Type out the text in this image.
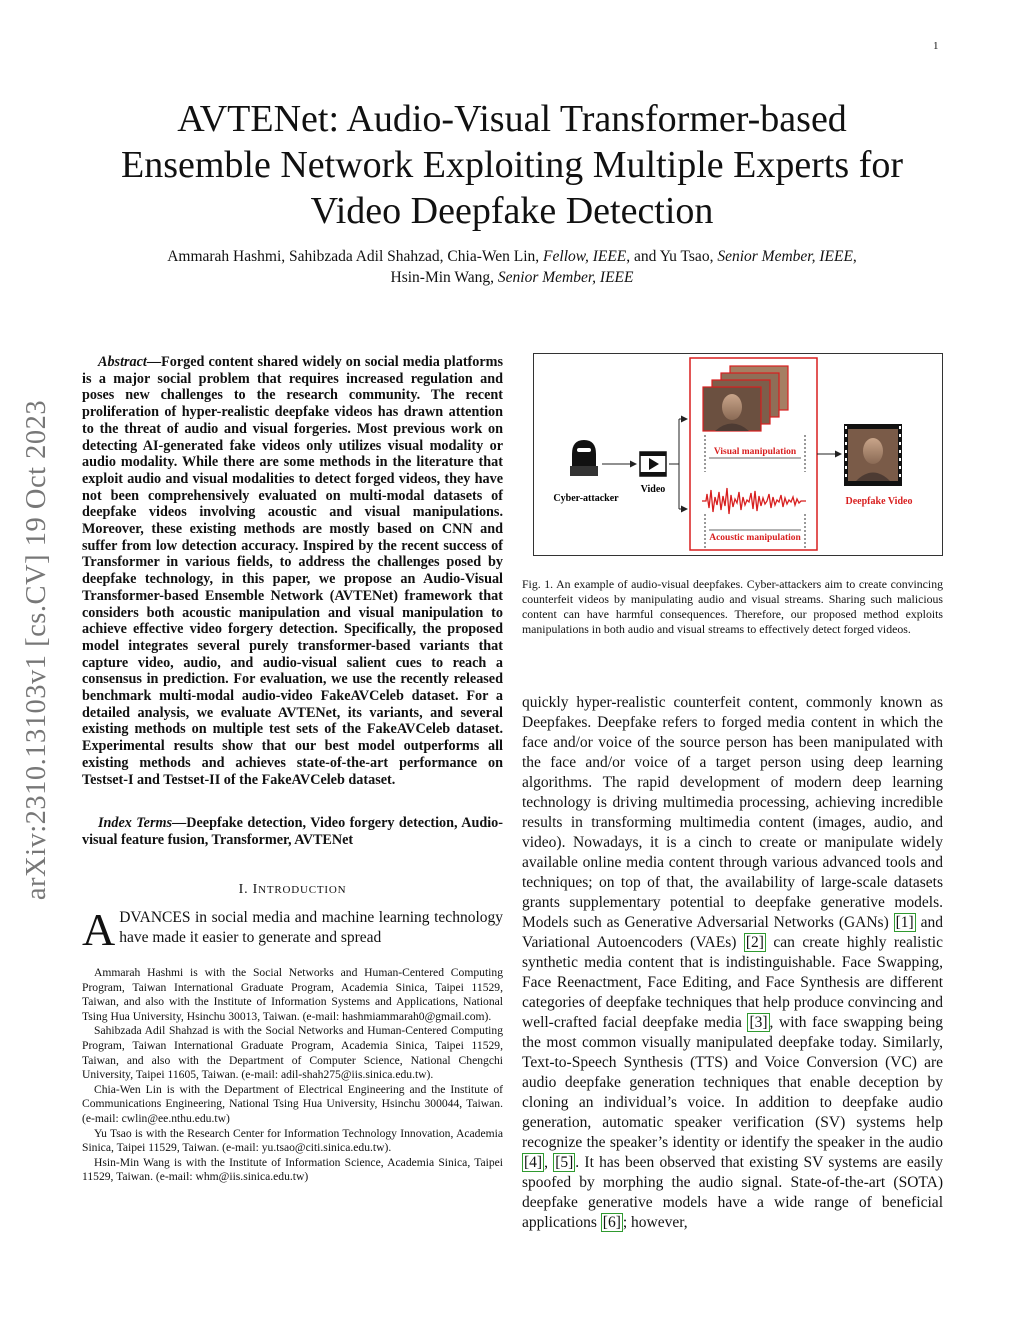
1
AVTENet: Audio-Visual Transformer-based
Ensemble Network Exploiting Multiple Experts for
Video Deepfake Detection
Ammarah Hashmi, Sahibzada Adil Shahzad, Chia-Wen Lin, Fellow, IEEE, and Yu Tsao, Senior Member, IEEE,
Hsin-Min Wang, Senior Member, IEEE
arXiv:2310.13103v1 [cs.CV] 19 Oct 2023

Abstract—Forged content shared widely on social media platforms is a major social problem that requires increased regulation and poses new challenges to the research community. The recent proliferation of hyper-realistic deepfake videos has drawn attention to the threat of audio and visual forgeries. Most previous work on detecting AI-generated fake videos only utilizes visual modality or audio modality. While there are some methods in the literature that exploit audio and visual modalities to detect forged videos, they have not been comprehensively evaluated on multi-modal datasets of deepfake videos involving acoustic and visual manipulations. Moreover, these existing methods are mostly based on CNN and suffer from low detection accuracy. Inspired by the recent success of Transformer in various fields, to address the challenges posed by deepfake technology, in this paper, we propose an Audio-Visual Transformer-based Ensemble Network (AVTENet) framework that considers both acoustic manipulation and visual manipulation to achieve effective video forgery detection. Specifically, the proposed model integrates several purely transformer-based variants that capture video, audio, and audio-visual salient cues to reach a consensus in prediction. For evaluation, we use the recently released benchmark multi-modal audio-video FakeAVCeleb dataset. For a detailed analysis, we evaluate AVTENet, its variants, and several existing methods on multiple test sets of the FakeAVCeleb dataset. Experimental results show that our best model outperforms all existing methods and achieves state-of-the-art performance on Testset-I and Testset-II of the FakeAVCeleb dataset.

Index Terms—Deepfake detection, Video forgery detection, Audio-visual feature fusion, Transformer, AVTENet

I. INTRODUCTION
ADVANCES in social media and machine learning technology have made it easier to generate and spread

Ammarah Hashmi is with the Social Networks and Human-Centered Computing Program, Taiwan International Graduate Program, Academia Sinica, Taipei 11529, Taiwan, and also with the Institute of Information Systems and Applications, National Tsing Hua University, Hsinchu 30013, Taiwan. (e-mail: hashmiammarah0@gmail.com).

Sahibzada Adil Shahzad is with the Social Networks and Human-Centered Computing Program, Taiwan International Graduate Program, Academia Sinica, Taipei 11529, Taiwan, and also with the Department of Computer Science, National Chengchi University, Taipei 11605, Taiwan. (e-mail: adil-shah275@iis.sinica.edu.tw).

Chia-Wen Lin is with the Department of Electrical Engineering and the Institute of Communications Engineering, National Tsing Hua University, Hsinchu 300044, Taiwan. (e-mail: cwlin@ee.nthu.edu.tw)

Yu Tsao is with the Research Center for Information Technology Innovation, Academia Sinica, Taipei 11529, Taiwan. (e-mail: yu.tsao@citi.sinica.edu.tw).

Hsin-Min Wang is with the Institute of Information Science, Academia Sinica, Taipei 11529, Taiwan. (e-mail: whm@iis.sinica.edu.tw)

Cyber-attacker
Video
Visual manipulation
Acoustic manipulation
Deepfake Video
Fig. 1. An example of audio-visual deepfakes. Cyber-attackers aim to create convincing counterfeit videos by manipulating audio and visual streams. Sharing such malicious content can have harmful consequences. Therefore, our proposed method exploits manipulations in both audio and visual streams to effectively detect forged videos.
quickly hyper-realistic counterfeit content, commonly known as Deepfakes. Deepfake refers to forged media content in which the face and/or voice of the source person has been manipulated with the face and/or voice of a target person using deep learning algorithms. The rapid development of modern deep learning technology is driving multimedia processing, achieving incredible results in transforming multimedia content (images, audio, and video). Nowadays, it is a cinch to create or manipulate widely available online media content through various advanced tools and techniques; on top of that, the availability of large-scale datasets grants supplementary potential to deepfake generative models. Models such as Generative Adversarial Networks (GANs) [1] and Variational Autoencoders (VAEs) [2] can create highly realistic synthetic media content that is indistinguishable. Face Swapping, Face Reenactment, Face Editing, and Face Synthesis are different categories of deepfake techniques that help produce convincing and well-crafted facial deepfake media [3] , with face swapping being the most common visually manipulated deepfake today. Similarly, Text-to-Speech Synthesis (TTS) and Voice Conversion (VC) are audio deepfake generation techniques that enable deception by cloning an individual’s voice. In addition to deepfake audio generation, automatic speaker verification (SV) systems help recognize the speaker’s identity or identify the speaker in the audio [4] , [5] . It has been observed that existing SV systems are easily spoofed by morphing the audio signal. State-of-the-art (SOTA) deepfake generative models have a wide range of beneficial applications [6] ; however,
